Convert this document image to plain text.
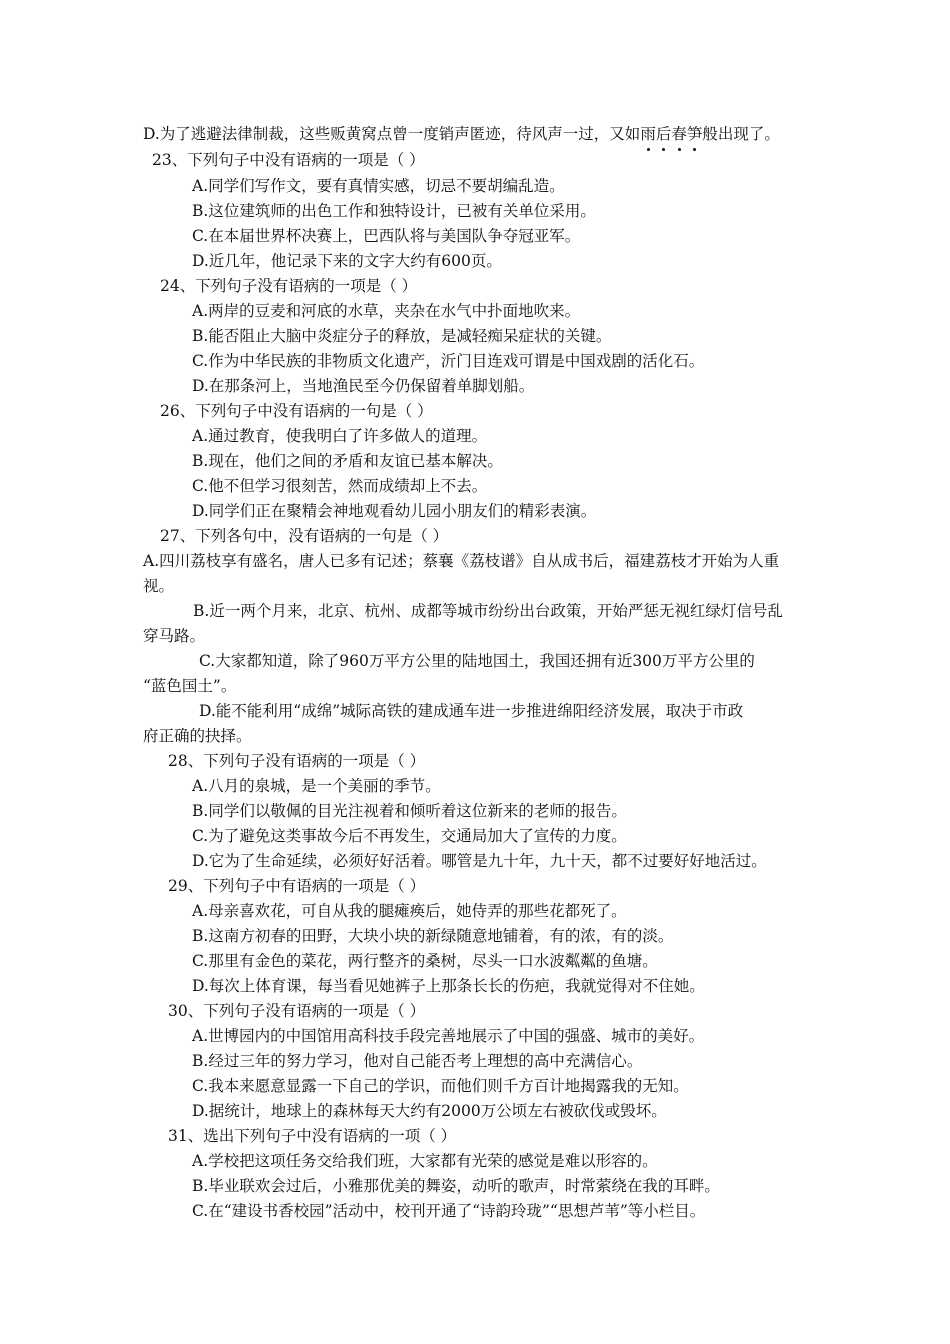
D.为了逃避法律制裁，这些贩黄窝点曾一度销声匿迹，待风声一过，又如雨后春笋般出现了。
23、下列句子中没有语病的一项是（ ）
A.同学们写作文，要有真情实感，切忌不要胡编乱造。
B.这位建筑师的出色工作和独特设计，已被有关单位采用。
C.在本届世界杯决赛上，巴西队将与美国队争夺冠亚军。
D.近几年，他记录下来的文字大约有600页。
24、下列句子没有语病的一项是（ ）
A.两岸的豆麦和河底的水草，夹杂在水气中扑面地吹来。
B.能否阻止大脑中炎症分子的释放，是减轻痴呆症状的关键。
C.作为中华民族的非物质文化遗产，沂门目连戏可谓是中国戏剧的活化石。
D.在那条河上，当地渔民至今仍保留着单脚划船。
26、下列句子中没有语病的一句是（ ）
A.通过教育，使我明白了许多做人的道理。
B.现在，他们之间的矛盾和友谊已基本解决。
C.他不但学习很刻苦，然而成绩却上不去。
D.同学们正在聚精会神地观看幼儿园小朋友们的精彩表演。
27、下列各句中，没有语病的一句是（ ）
A.四川荔枝享有盛名，唐人已多有记述；蔡襄《荔枝谱》自从成书后，福建荔枝才开始为人重
视。
B.近一两个月来，北京、杭州、成都等城市纷纷出台政策，开始严惩无视红绿灯信号乱
穿马路。
C.大家都知道，除了960万平方公里的陆地国土，我国还拥有近300万平方公里的
“蓝色国土”。
D.能不能利用“成绵”城际高铁的建成通车进一步推进绵阳经济发展，取决于市政
府正确的抉择。
28、下列句子没有语病的一项是（ ）
A.八月的泉城，是一个美丽的季节。
B.同学们以敬佩的目光注视着和倾听着这位新来的老师的报告。
C.为了避免这类事故今后不再发生，交通局加大了宣传的力度。
D.它为了生命延续，必须好好活着。哪管是九十年，九十天，都不过要好好地活过。
29、下列句子中有语病的一项是（ ）
A.母亲喜欢花，可自从我的腿瘫痪后，她侍弄的那些花都死了。
B.这南方初春的田野，大块小块的新绿随意地铺着，有的浓，有的淡。
C.那里有金色的菜花，两行整齐的桑树，尽头一口水波粼粼的鱼塘。
D.每次上体育课，每当看见她裤子上那条长长的伤疤，我就觉得对不住她。
30、下列句子没有语病的一项是（ ）
A.世博园内的中国馆用高科技手段完善地展示了中国的强盛、城市的美好。
B.经过三年的努力学习，他对自己能否考上理想的高中充满信心。
C.我本来愿意显露一下自己的学识，而他们则千方百计地揭露我的无知。
D.据统计，地球上的森林每天大约有2000万公顷左右被砍伐或毁坏。
31、选出下列句子中没有语病的一项（ ）
A.学校把这项任务交给我们班，大家都有光荣的感觉是难以形容的。
B.毕业联欢会过后，小雅那优美的舞姿，动听的歌声，时常萦绕在我的耳畔。
C.在“建设书香校园”活动中，校刊开通了“诗韵玲珑”“思想芦苇”等小栏目。
